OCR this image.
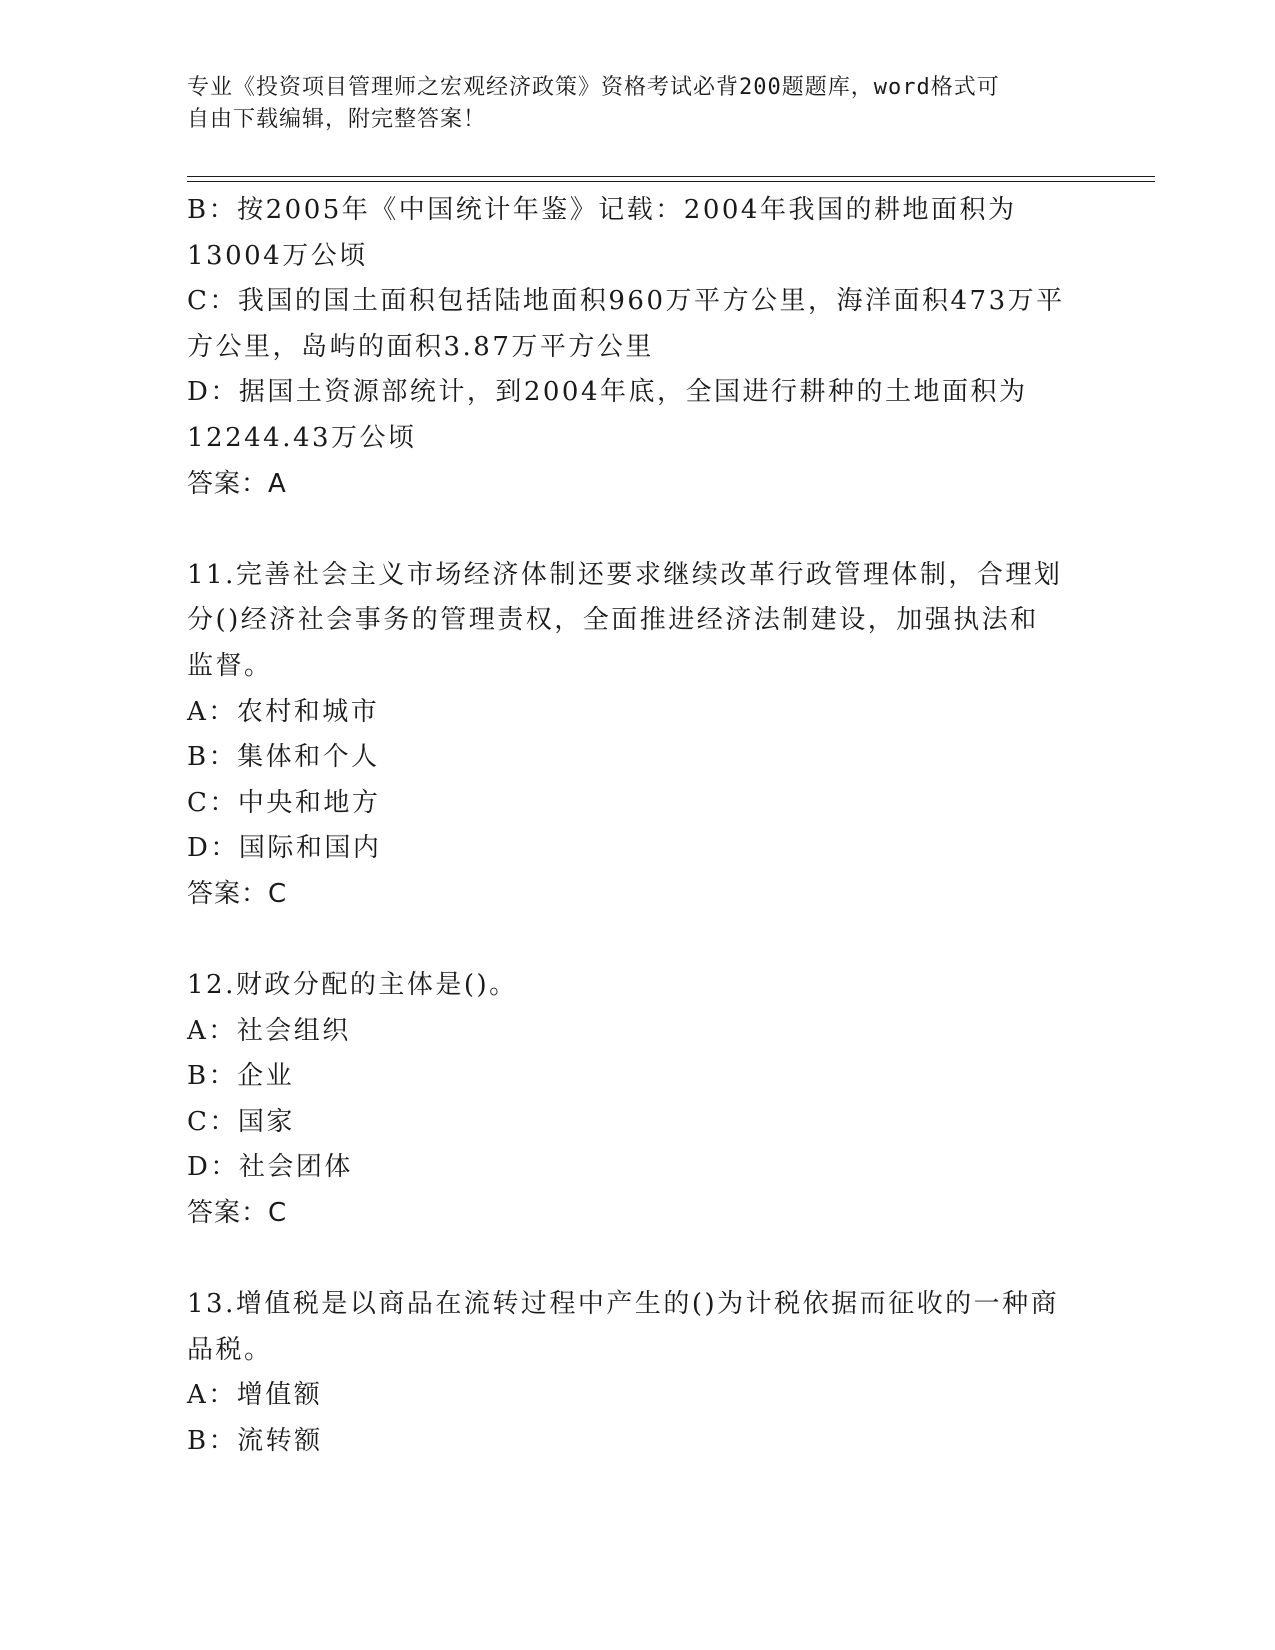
专业《投资项目管理师之宏观经济政策》资格考试必背200题题库，word格式可
自由下载编辑，附完整答案！
B：按2005年《中国统计年鉴》记载：2004年我国的耕地面积为
13004万公顷
C：我国的国土面积包括陆地面积960万平方公里，海洋面积473万平
方公里，岛屿的面积3.87万平方公里
D：据国土资源部统计，到2004年底，全国进行耕种的土地面积为
12244.43万公顷
答案：A
11.完善社会主义市场经济体制还要求继续改革行政管理体制，合理划
分()经济社会事务的管理责权，全面推进经济法制建设，加强执法和
监督。
A：农村和城市
B：集体和个人
C：中央和地方
D：国际和国内
答案：C
12.财政分配的主体是()。
A：社会组织
B：企业
C：国家
D：社会团体
答案：C
13.增值税是以商品在流转过程中产生的()为计税依据而征收的一种商
品税。
A：增值额
B：流转额
